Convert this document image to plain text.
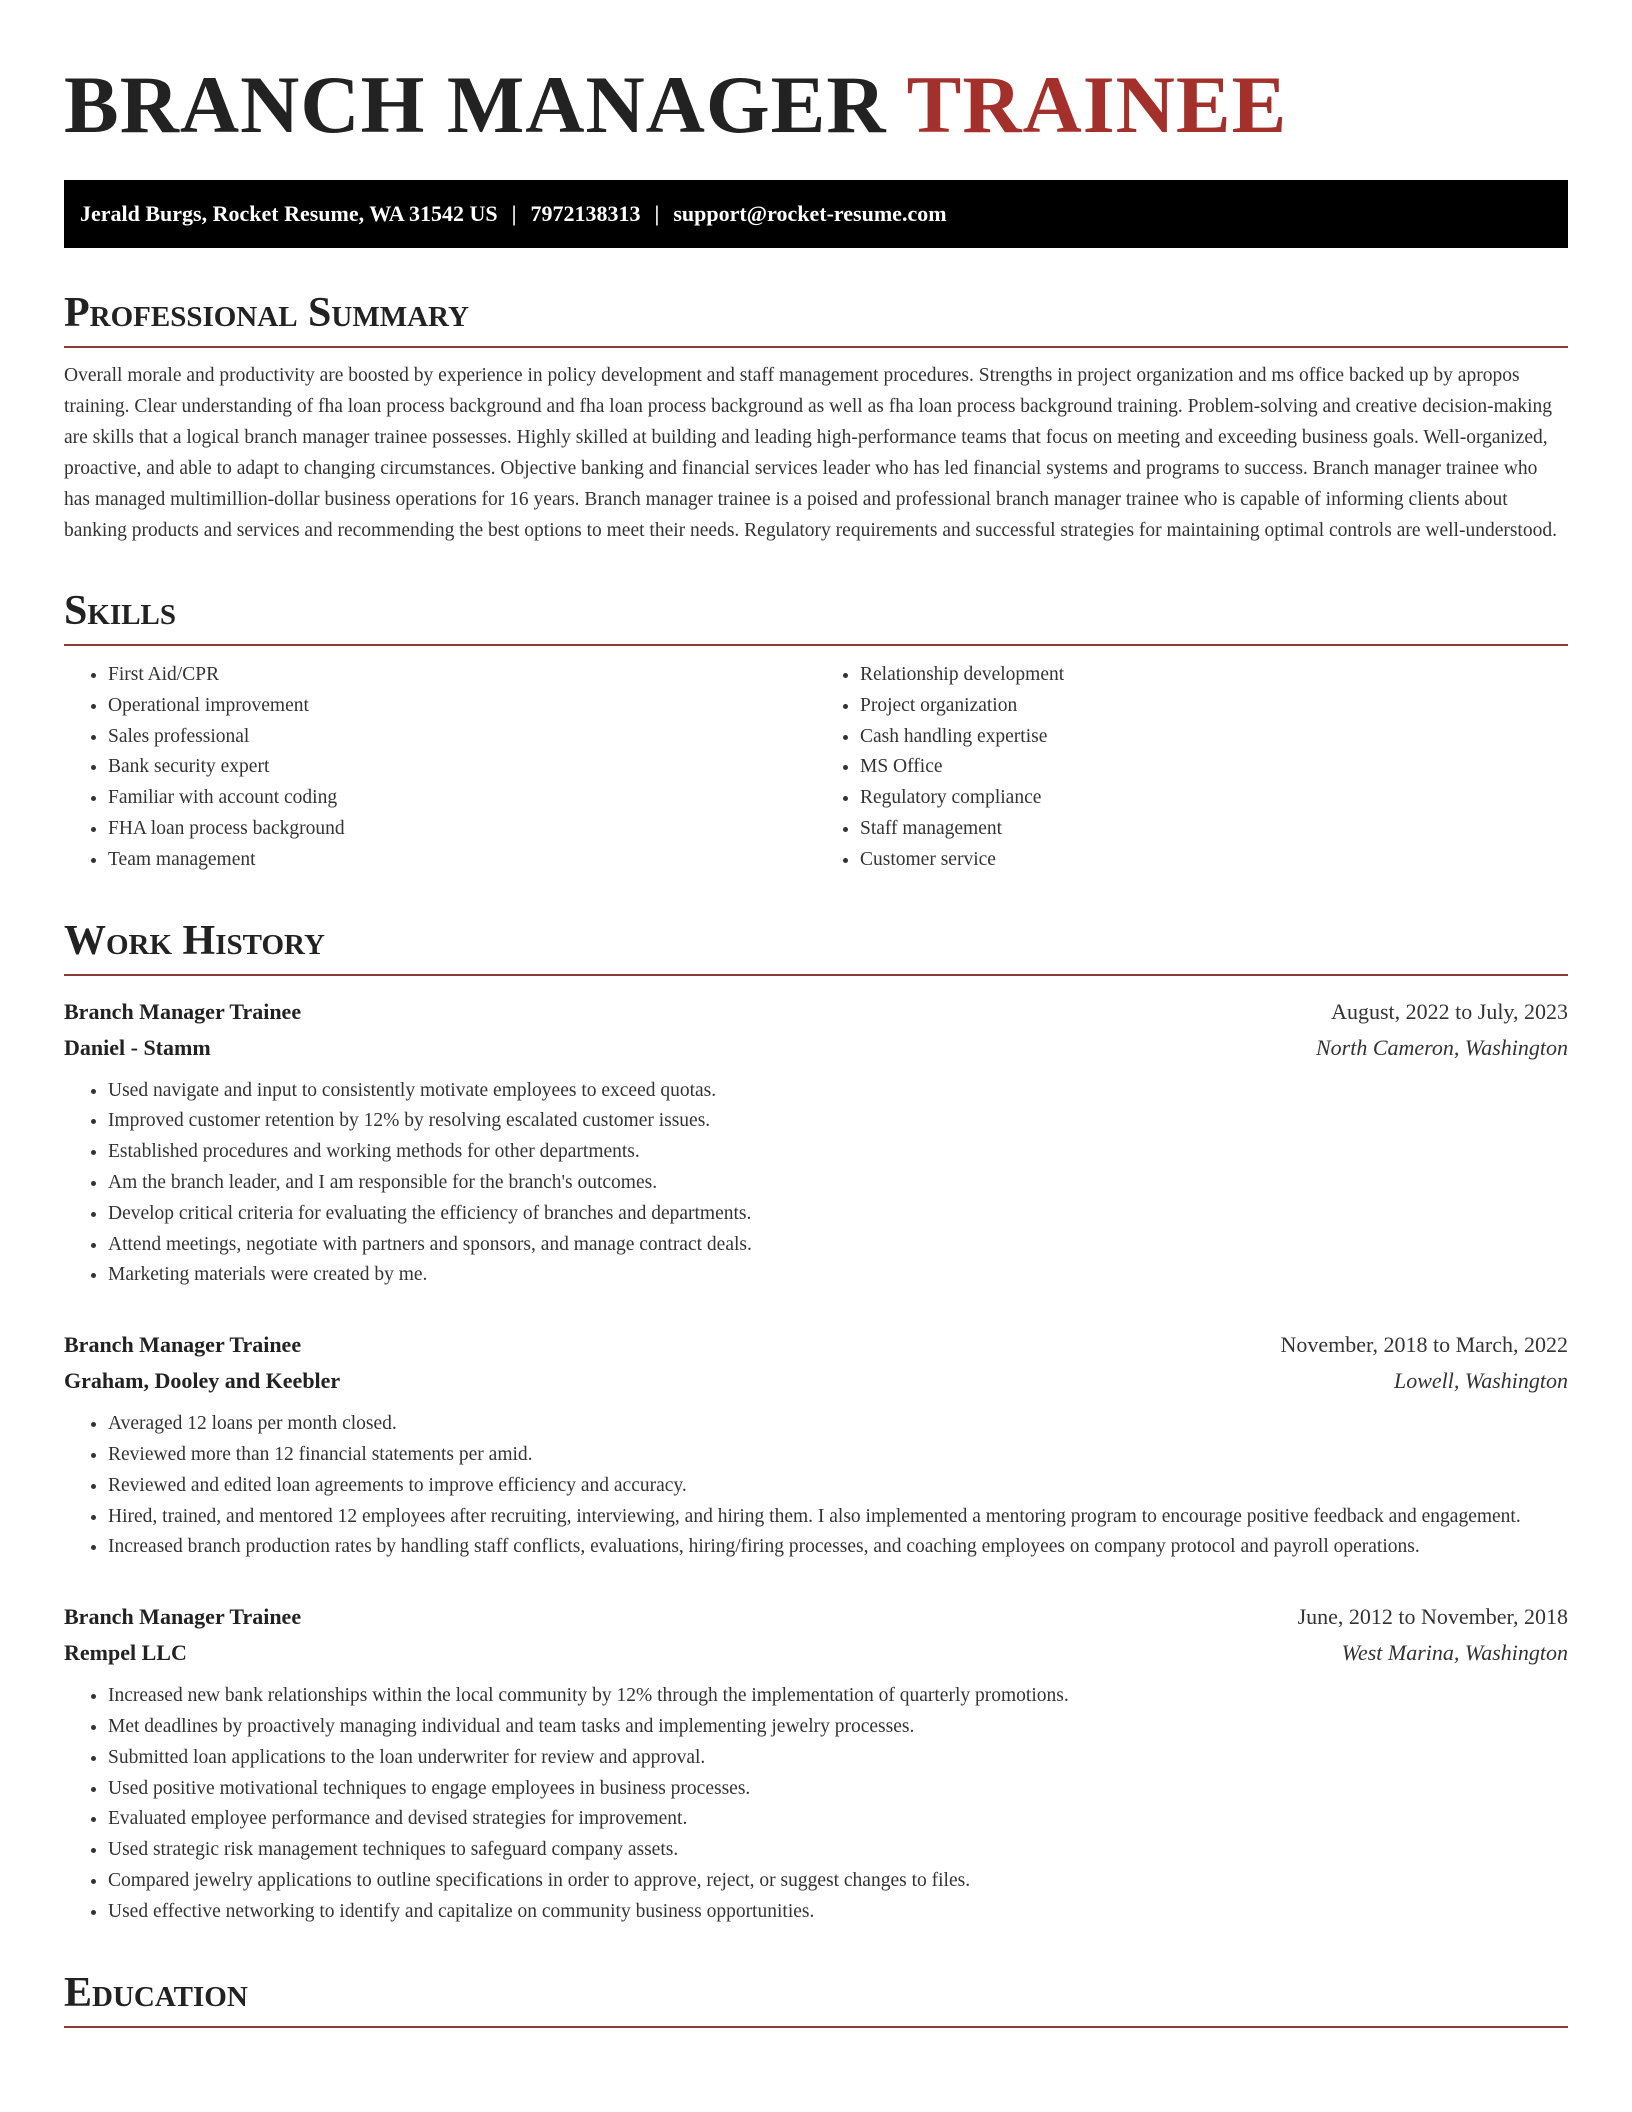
BRANCH MANAGER TRAINEE
Jerald Burgs, Rocket Resume, WA 31542 US | 7972138313 | support@rocket-resume.com
Professional Summary

Overall morale and productivity are boosted by experience in policy development and staff management procedures. Strengths in project organization and ms office backed up by apropos training. Clear understanding of fha loan process background and fha loan process background as well as fha loan process background training. Problem-solving and creative decision-making are skills that a logical branch manager trainee possesses. Highly skilled at building and leading high-performance teams that focus on meeting and exceeding business goals. Well-organized, proactive, and able to adapt to changing circumstances. Objective banking and financial services leader who has led financial systems and programs to success. Branch manager trainee who has managed multimillion-dollar business operations for 16 years. Branch manager trainee is a poised and professional branch manager trainee who is capable of informing clients about banking products and services and recommending the best options to meet their needs. Regulatory requirements and successful strategies for maintaining optimal controls are well-understood.

Skills
• First Aid/CPR
• Operational improvement
• Sales professional
• Bank security expert
• Familiar with account coding
• FHA loan process background
• Team management
• Relationship development
• Project organization
• Cash handling expertise
• MS Office
• Regulatory compliance
• Staff management
• Customer service
Work History
Branch Manager Trainee	August, 2022 to July, 2023
Daniel - Stamm	North Cameron, Washington
• Used navigate and input to consistently motivate employees to exceed quotas.
• Improved customer retention by 12% by resolving escalated customer issues.
• Established procedures and working methods for other departments.
• Am the branch leader, and I am responsible for the branch's outcomes.
• Develop critical criteria for evaluating the efficiency of branches and departments.
• Attend meetings, negotiate with partners and sponsors, and manage contract deals.
• Marketing materials were created by me.
Branch Manager Trainee	November, 2018 to March, 2022
Graham, Dooley and Keebler	Lowell, Washington
• Averaged 12 loans per month closed.
• Reviewed more than 12 financial statements per amid.
• Reviewed and edited loan agreements to improve efficiency and accuracy.
• Hired, trained, and mentored 12 employees after recruiting, interviewing, and hiring them. I also implemented a mentoring program to encourage positive feedback and engagement.
• Increased branch production rates by handling staff conflicts, evaluations, hiring/firing processes, and coaching employees on company protocol and payroll operations.
Branch Manager Trainee	June, 2012 to November, 2018
Rempel LLC	West Marina, Washington
• Increased new bank relationships within the local community by 12% through the implementation of quarterly promotions.
• Met deadlines by proactively managing individual and team tasks and implementing jewelry processes.
• Submitted loan applications to the loan underwriter for review and approval.
• Used positive motivational techniques to engage employees in business processes.
• Evaluated employee performance and devised strategies for improvement.
• Used strategic risk management techniques to safeguard company assets.
• Compared jewelry applications to outline specifications in order to approve, reject, or suggest changes to files.
• Used effective networking to identify and capitalize on community business opportunities.
Education
